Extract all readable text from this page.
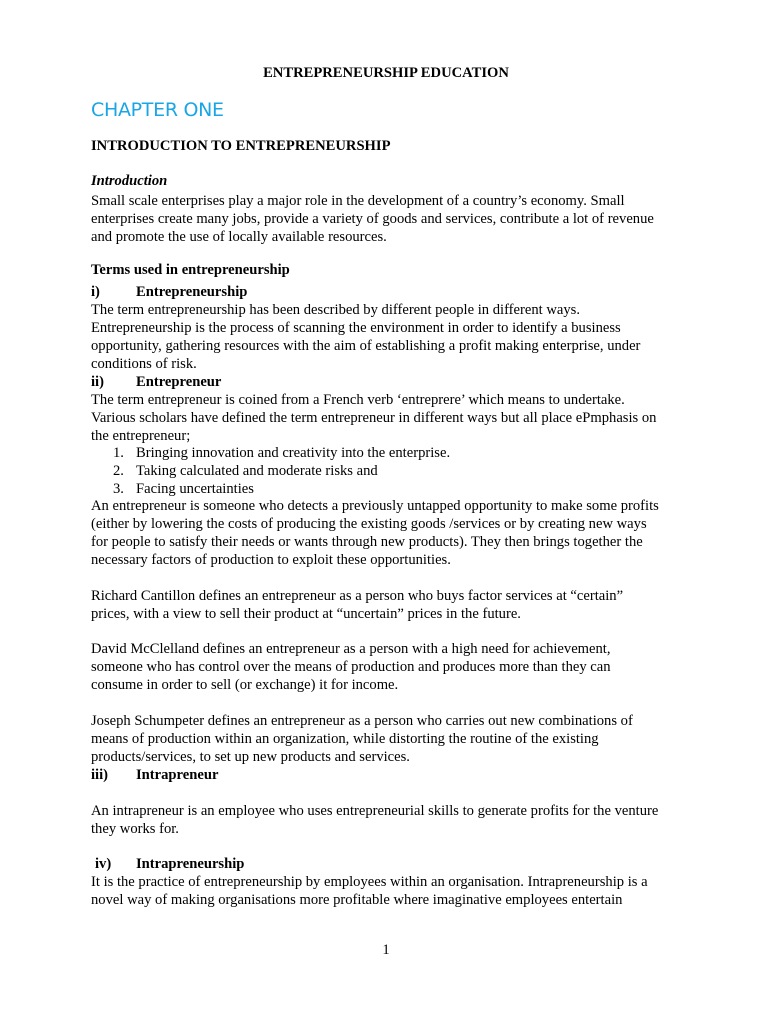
ENTREPRENEURSHIP EDUCATION
CHAPTER ONE
INTRODUCTION TO ENTREPRENEURSHIP
Introduction
Small scale enterprises play a major role in the development of a country’s economy. Small
enterprises create many jobs, provide a variety of goods and services, contribute a lot of revenue
and promote the use of locally available resources.
Terms used in entrepreneurship
i) Entrepreneurship
The term entrepreneurship has been described by different people in different ways.
Entrepreneurship is the process of scanning the environment in order to identify a business
opportunity, gathering resources with the aim of establishing a profit making enterprise, under
conditions of risk.
ii) Entrepreneur
The term entrepreneur is coined from a French verb ‘entreprere’ which means to undertake.
Various scholars have defined the term entrepreneur in different ways but all place ePmphasis on
the entrepreneur;
1. Bringing innovation and creativity into the enterprise.
2. Taking calculated and moderate risks and
3. Facing uncertainties
An entrepreneur is someone who detects a previously untapped opportunity to make some profits
(either by lowering the costs of producing the existing goods /services or by creating new ways
for people to satisfy their needs or wants through new products). They then brings together the
necessary factors of production to exploit these opportunities.
Richard Cantillon defines an entrepreneur as a person who buys factor services at “certain”
prices, with a view to sell their product at “uncertain” prices in the future.
David McClelland defines an entrepreneur as a person with a high need for achievement,
someone who has control over the means of production and produces more than they can
consume in order to sell (or exchange) it for income.
Joseph Schumpeter defines an entrepreneur as a person who carries out new combinations of
means of production within an organization, while distorting the routine of the existing
products/services, to set up new products and services.
iii) Intrapreneur
An intrapreneur is an employee who uses entrepreneurial skills to generate profits for the venture
they works for.
iv) Intrapreneurship
It is the practice of entrepreneurship by employees within an organisation. Intrapreneurship is a
novel way of making organisations more profitable where imaginative employees entertain
1
